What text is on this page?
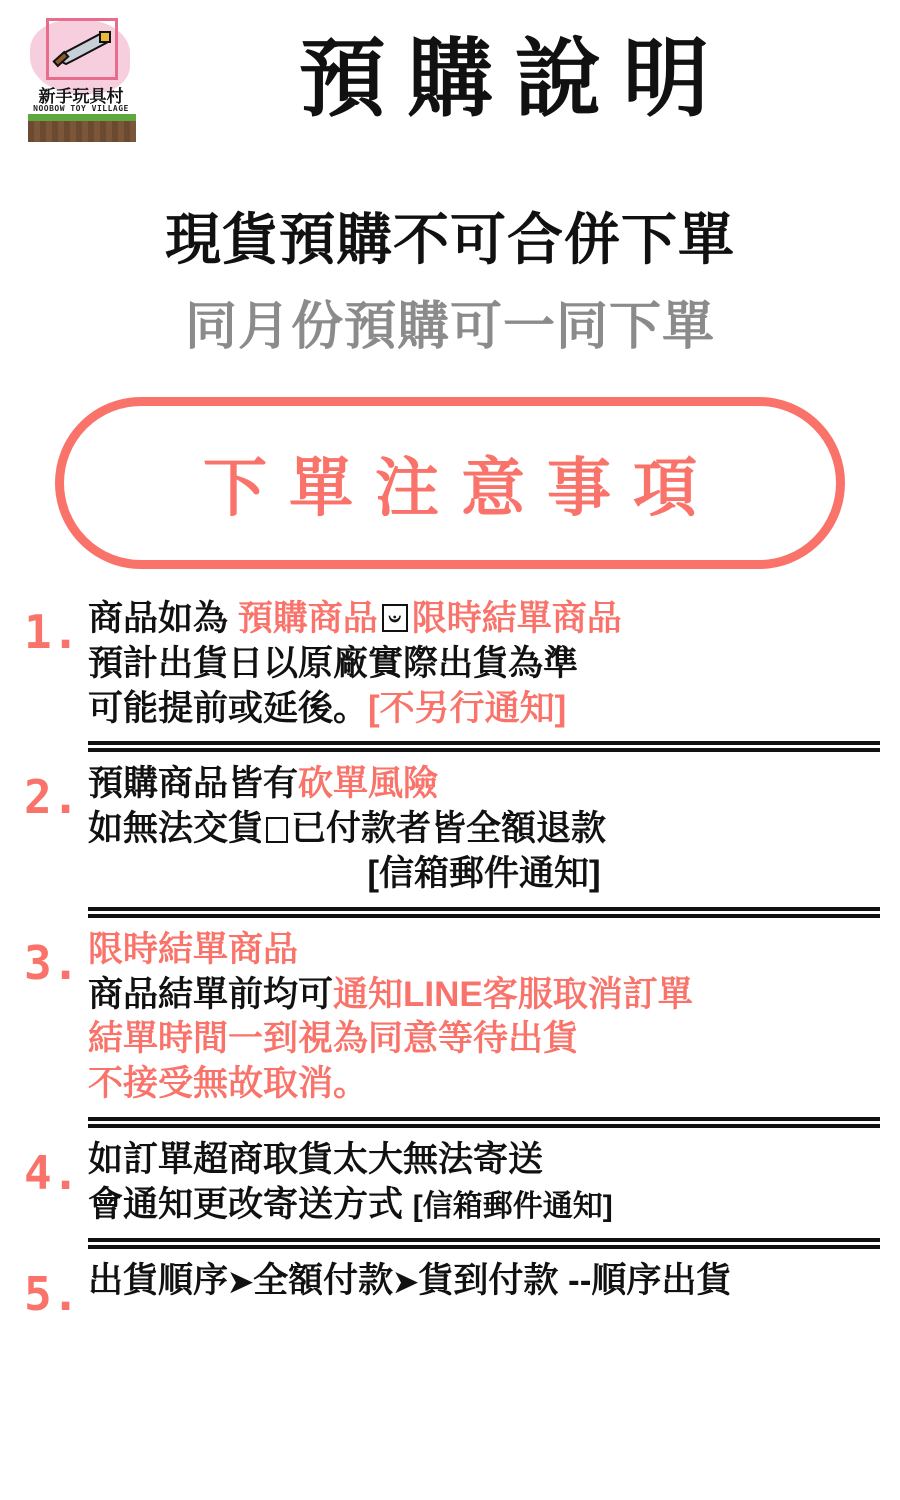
新手玩具村
NOOBOW TOY VILLAGE	預購說明
現貨預購不可合併下單
同月份預購可一同下單
下單注意事項
1. 商品如為 預購商品 𝄑 限時結單商品
預計出貨日以原廠實際出貨為準
可能提前或延後。[不另行通知]
2. 預購商品皆有砍單風險
如無法交貨 已付款者皆全額退款
[信箱郵件通知]
3. 限時結單商品
商品結單前均可通知LINE客服取消訂單
結單時間一到視為同意等待出貨
不接受無故取消。
4. 如訂單超商取貨太大無法寄送
會通知更改寄送方式 [信箱郵件通知]
5. 出貨順序➤全額付款➤貨到付款 --順序出貨
